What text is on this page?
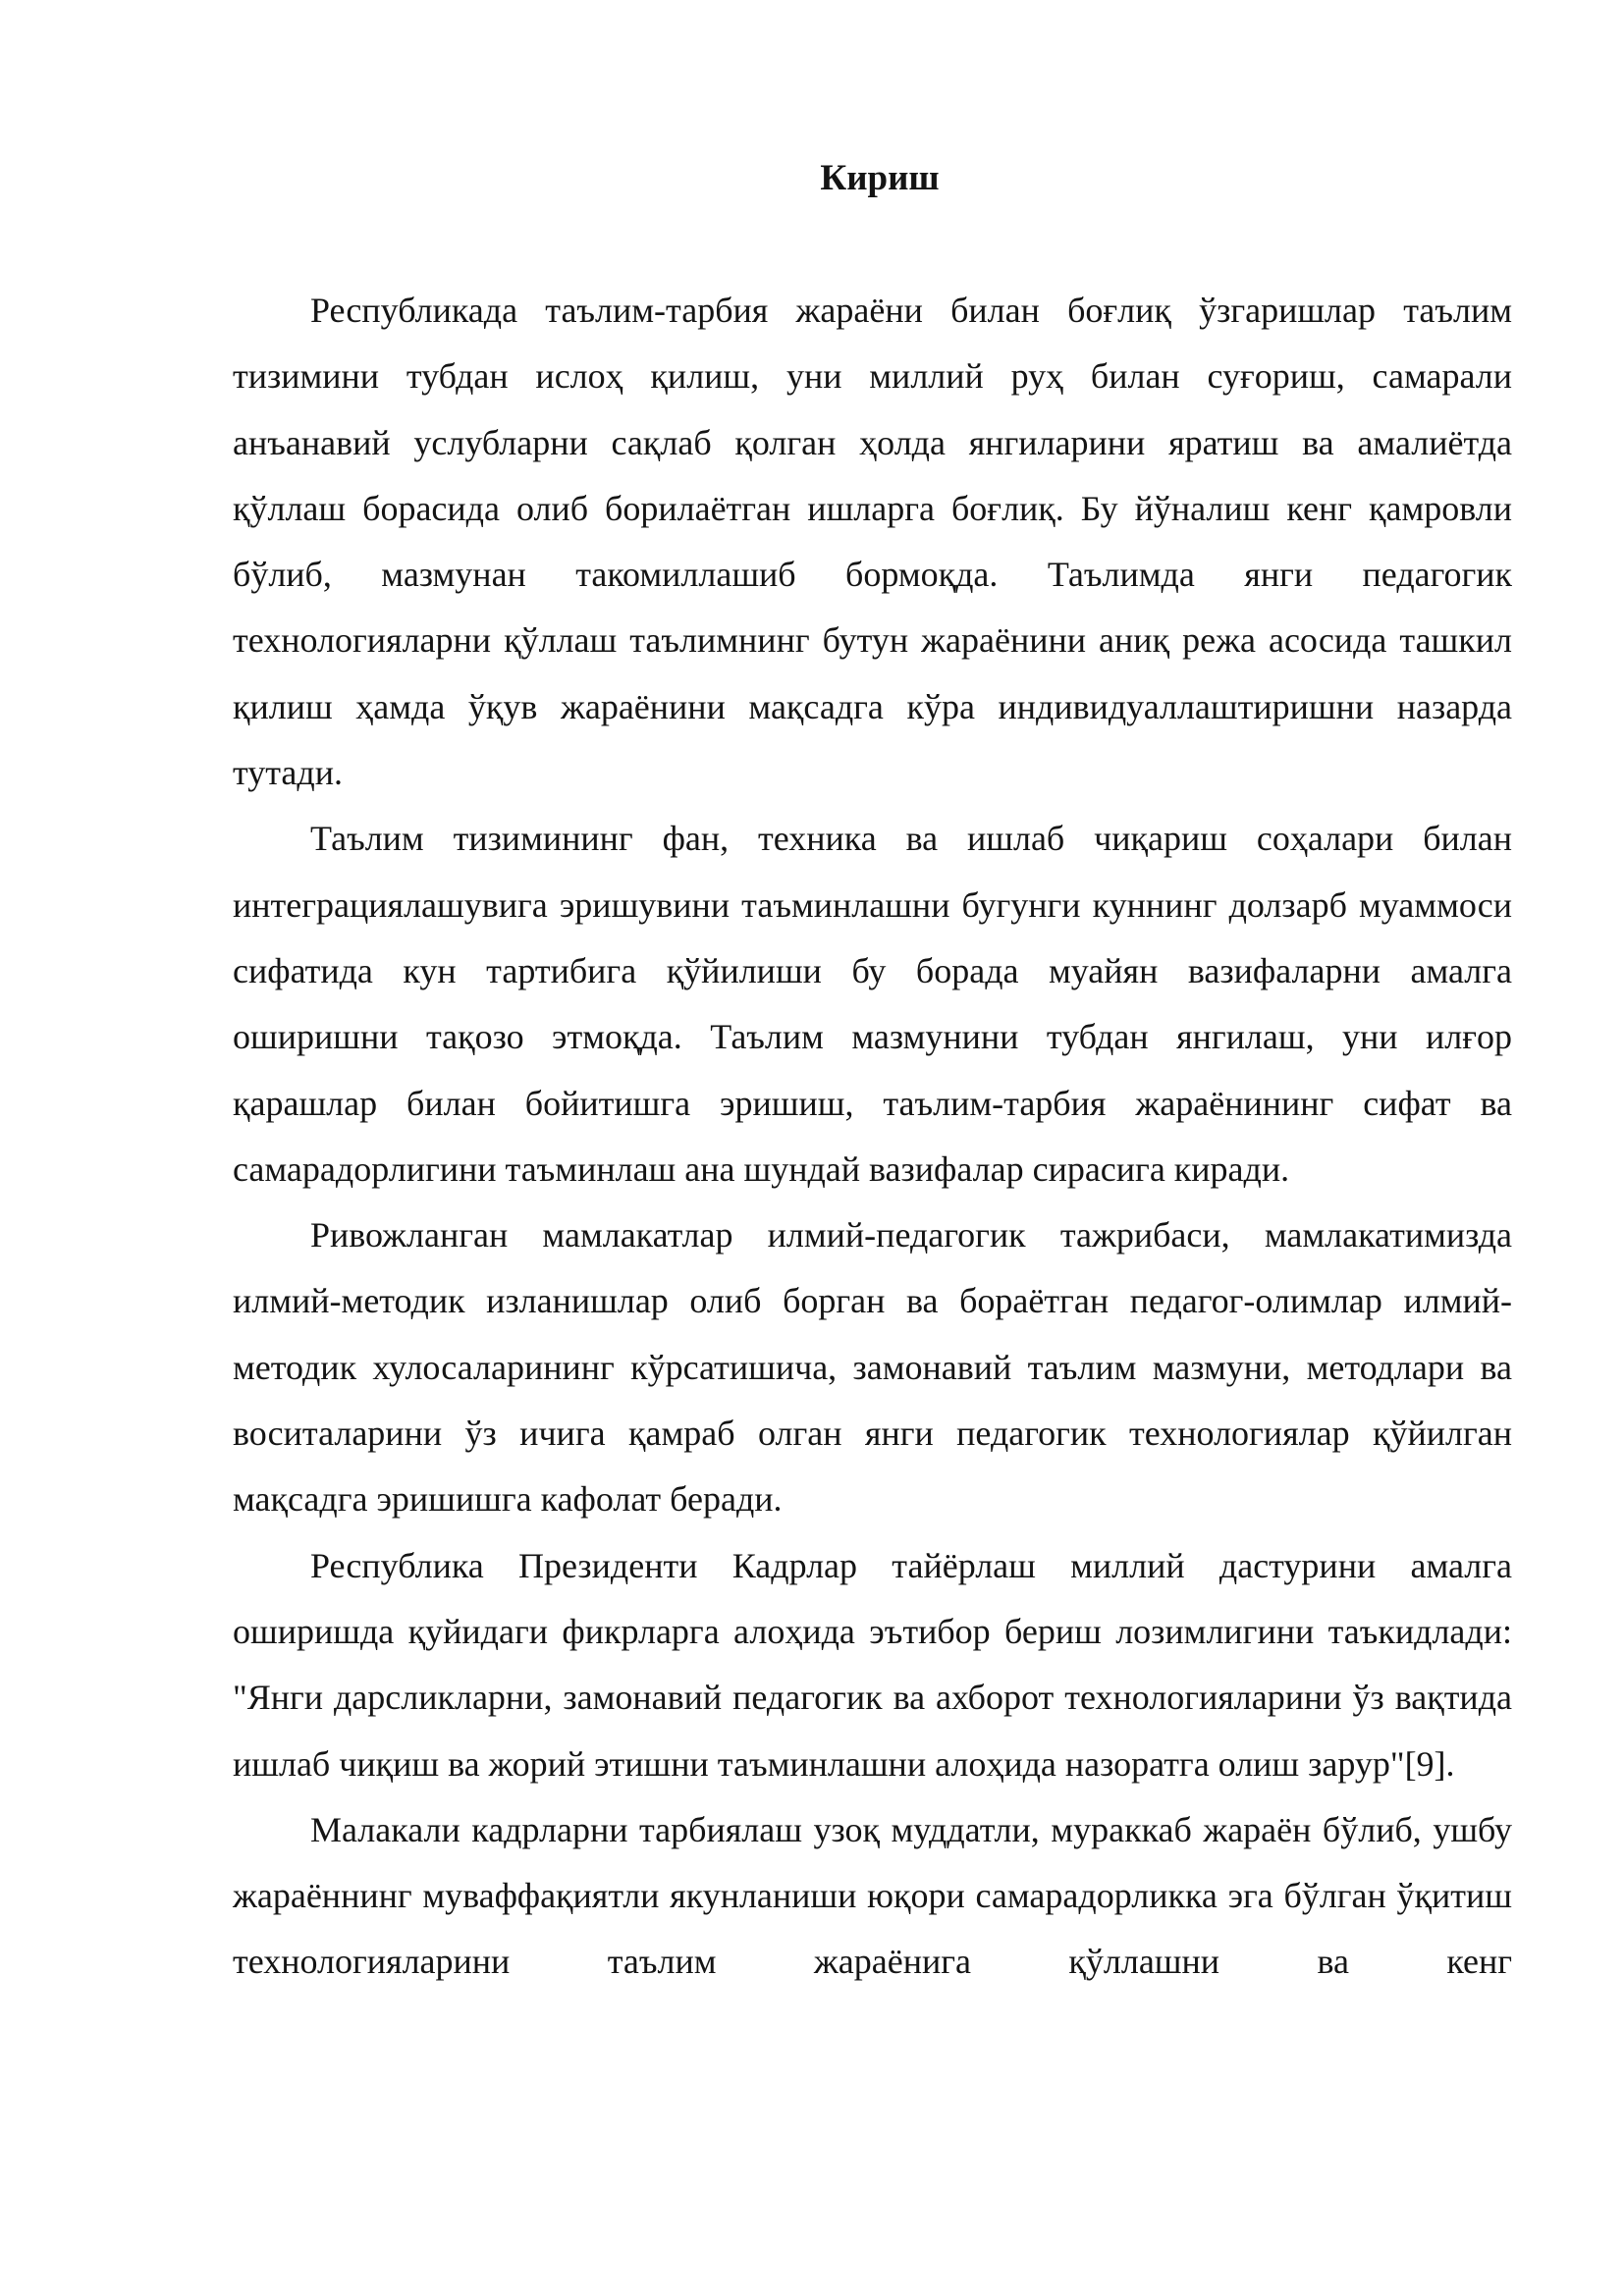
Кириш

Республикада таълим-тарбия жараёни билан боғлиқ ўзгаришлар таълим тизимини тубдан ислоҳ қилиш, уни миллий руҳ билан суғориш, самарали анъанавий услубларни сақлаб қолган ҳолда янгиларини яратиш ва амалиётда қўллаш борасида олиб борилаётган ишларга боғлиқ. Бу йўналиш кенг қамровли бўлиб, мазмунан такомиллашиб бормоқда. Таълимда янги педагогик технологияларни қўллаш таълимнинг бутун жараёнини аниқ режа асосида ташкил қилиш ҳамда ўқув жараёнини мақсадга кўра индивидуаллаштиришни назарда тутади.

Таълим тизимининг фан, техника ва ишлаб чиқариш соҳалари билан интеграциялашувига эришувини таъминлашни бугунги куннинг долзарб муаммоси сифатида кун тартибига қўйилиши бу борада муайян вазифаларни амалга оширишни тақозо этмоқда. Таълим мазмунини тубдан янгилаш, уни илғор қарашлар билан бойитишга эришиш, таълим-тарбия жараёнининг сифат ва самарадорлигини таъминлаш ана шундай вазифалар сирасига киради.

Ривожланган мамлакатлар илмий-педагогик тажрибаси, мамлакатимизда илмий-методик изланишлар олиб борган ва бораётган педагог-олимлар илмий-методик хулосаларининг кўрсатишича, замонавий таълим мазмуни, методлари ва воситаларини ўз ичига қамраб олган янги педагогик технологиялар қўйилган мақсадга эришишга кафолат беради.

Республика Президенти Кадрлар тайёрлаш миллий дастурини амалга оширишда қуйидаги фикрларга алоҳида эътибор бериш лозимлигини таъкидлади: "Янги дарсликларни, замонавий педагогик ва ахборот технологияларини ўз вақтида ишлаб чиқиш ва жорий этишни таъминлашни алоҳида назоратга олиш зарур"[9].

Малакали кадрларни тарбиялаш узоқ муддатли, мураккаб жараён бўлиб, ушбу жараённинг муваффақиятли якунланиши юқори самарадорликка эга бўлган ўқитиш технологияларини таълим жараёнига қўллашни ва кенг
